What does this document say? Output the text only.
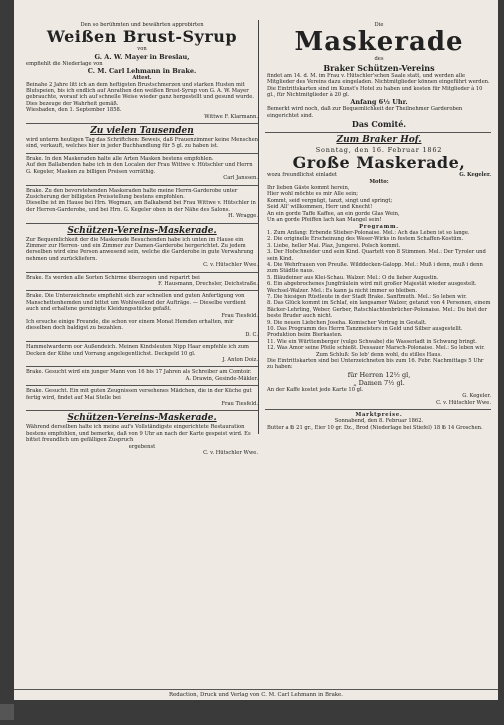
Den so berühmten und bewährten approbirten
Weißen Brust-Syrup
von
G. A. W. Mayer in Breslau,
empfiehlt die Niederlage von
C. M. Carl Lehmann in Brake.
Attest.
Beinahe 2 Jahre litt ich an dem heftigsten Brustschmerzen und starken Husten mit Blutspeien, bis ich endlich auf Anrathen den weißen Brust-Syrup von G. A. W. Mayer gebrauchte, worauf ich auf schnelle Weise wieder ganz hergestellt und gesund wurde. Dies bezeuge der Wahrheit gemäß.
Wiesbaden, den 1. September 1858.
Wittwe F. Klarmann.
Zu vielen Tausenden
wird unterm heutigen Tag das Schriftchen: Beweis, daß Frauenzimmer keine Menschen sind, verkauft, welches hier in jeder Buchhandlung für 5 gl. zu haben ist.
Brake. In den Maskeraden halte alle Arten Masken bestens empfohlen.
Auf den Ballabenden habe ich in den Localen der Frau Wittwe v. Hütschler und Herrn G. Kegeler, Masken zu billigen Preisen vorräthig.
Carl Janssen.
Brake. Zu den bevorstehenden Maskeraden halte meine Herrn-Garderobe unter Zusicherung der billigsten Preisstellung bestens empfohlen.
Dieselbe ist im Hause bei Hrn. Wegman, am Balkabend bei Frau Wittwe v. Hütschler in der Herren-Garderobe, und bei Hrn. G. Kegeler oben in der Nähe des Salons.
H. Wragge.
Schützen-Vereins-Maskerade.
Zur Bequemlichkeit der die Maskerade Besuchenden habe ich unten im Hause ein Zimmer zur Herren- und ein Zimmer zur Damen-Garderobe hergerichtet. Zu jedem derselben wird eine Person anwesend sein, welche die Garderobe in gute Verwahrung nehmen und zurückliefern.
C. v. Hütschler Wwe.
Brake. Es werden alle Sorten Schirme überzogen und reparirt bei
F. Hausmann, Drechsler, Deichstraße.
Brake. Die Unterzeichnete empfiehlt sich zur schnellen und guten Anfertigung von Manschettenhemden und bittet um Wohlwollend der Aufträge. — Dieselbe verdient auch und erhaltene gereinigte Kleidungsstücke gefaßt.
Frau Tiesfeld.
Ich ersuche einige Freunde, die schon vor einem Monat Hemden erhalten, mir dieselben doch baldigst zu bezahlen.
D. C.
Hammelwarderm oor Außendeich. Meinen Kindsleuten Nipp Haar empfehle ich zum Decken der Kühe und Vorrang angelegentlichst. Deckgeld 10 gl.
J. Anton Doiz.
Brake. Gesucht wird ein junger Mann von 16 bis 17 Jahren als Schreiber am Comtoir.
A. Drawin, Gesinde-Mäkler.
Brake. Gesucht. Ein mit guten Zeugnissen versehenes Mädchen, die in der Küche gut fertig wird, findet auf Mai Stelle bei
Frau Tiesfeld.
Schützen-Vereins-Maskerade.
Während derselben halte ich meine auf's Vollständigste eingerichtete Restauration bestens empfohlen, und bemerke, daß von 9 Uhr an nach der Karte gespeist wird. Es bittet freundlich um gefälligen Zuspruch
ergebenst
C. v. Hütschler Wwe.
Die
Maskerade
des
Braker Schützen-Vereins
findet am 14. d. M. im Frau v. Hütschler'schen Saale statt, und werden alle Mitglieder des Vereins dazu eingeladen. Nichtmitglieder können eingeführt werden. Die Eintrittskarten sind im Kunst's Hotel zu haben und kosten für Mitglieder à 10 gl., für Nichtmitglieder à 20 gl.
Anfang 6½ Uhr.
Bemerkt wird noch, daß zur Bequemlichkeit der Theilnehmer Garderoben eingerichtet sind.
Das Comité.
Zum Braker Hof.
Sonntag, den 16. Februar 1862
Große Maskerade,
wozu freundlichst einladet	G. Kegeler.
Motto:
Ihr lieben Gäste kommt herein,
Hier wohl möchte es mir Alle sein;
Kommt, seid vergnügt, tanzt, singt und springt;
Seid All' willkommen, Herr und Knecht!
An ein gorde Taffe Kaffee, an ein gorde Glas Wein,
Un an gorde Pfeiffen lach kan Mangel sein!
Programm.
1. Zum Anfang: Erbende Stieber-Polonaise. Mel.: Ach das Leben ist so lange.
2. Die originelle Erscheinung des Weser-Wirks in festem Schaffen-Kostüm.
3. Liebe, heller Mai. Plaz, Jungerei. Polsch kommt.
3. Der Hofschneider und sein Kind. Quartett von 8 Stimmen. Mel.: Der Tyroler und sein Kind.
4. Die Wehrfrauen von Preuße. Wilddecken-Galopp. Mel.: Muß i denn, muß i denn zum Städtle naus.
5. Bläudeiner aus Klei-Schau. Walzer. Mel.: O du lieber Augustin.
6. Ein abgebrochenes Jungfräulein wird mit großer Majestät wieder ausgestelt. Wechsel-Walzer. Mel.: Es kann ja nicht immer so bleiben.
7. Die hiesigen Rüstleute in der Stadt Brake. Sanftmuth. Mel.: So leben wir.
8. Das Glück kommt im Schlaf, ein langsamer Walzer, getanzt von 4 Personen, einem Bäcker-Lehrling, Weber, Gerber, Ratschlachtenbrücher-Polonaise. Mel.: Du bist der beste Bruder auch nicht.
9. Die neuen Liebchen Joseha. Komischer Vortrag in Gestalt.
10. Das Programm des Herrn Tanzmeisters in Geld und Silber ausgestellt. Produktion beim Bierkasten.
11. Wie ein Württemberger (vulgo Schwabe) die Wasserladt in Schwung bringt.
12. Was Amor seine Pfeile schießt. Dessauer Marsch-Polonaise. Mel.: So leben wir.
Zum Schluß: So leb' denn wohl, du stilles Haus.
Die Eintrittskarten sind bei Unterzeichneten bis zum 16. Febr. Nachmittags 5 Uhr zu haben:
für Herren 12½ gl,
„ Damen 7½ gl.
An der Kaffe kostet jede Karte 10 gl.
G. Kegeler.
C. v. Hütschler Wwe.
Marktpreise.
Sonnabend, den 8. Februar 1862.
Butter a ℔ 21 gr., Eier 10 gr. Dz., Brod (Niederlage bei Stiefel) 18 ℔ 14 Groschen.
Redaction, Druck und Verlag von C. M. Carl Lehmann in Brake.
